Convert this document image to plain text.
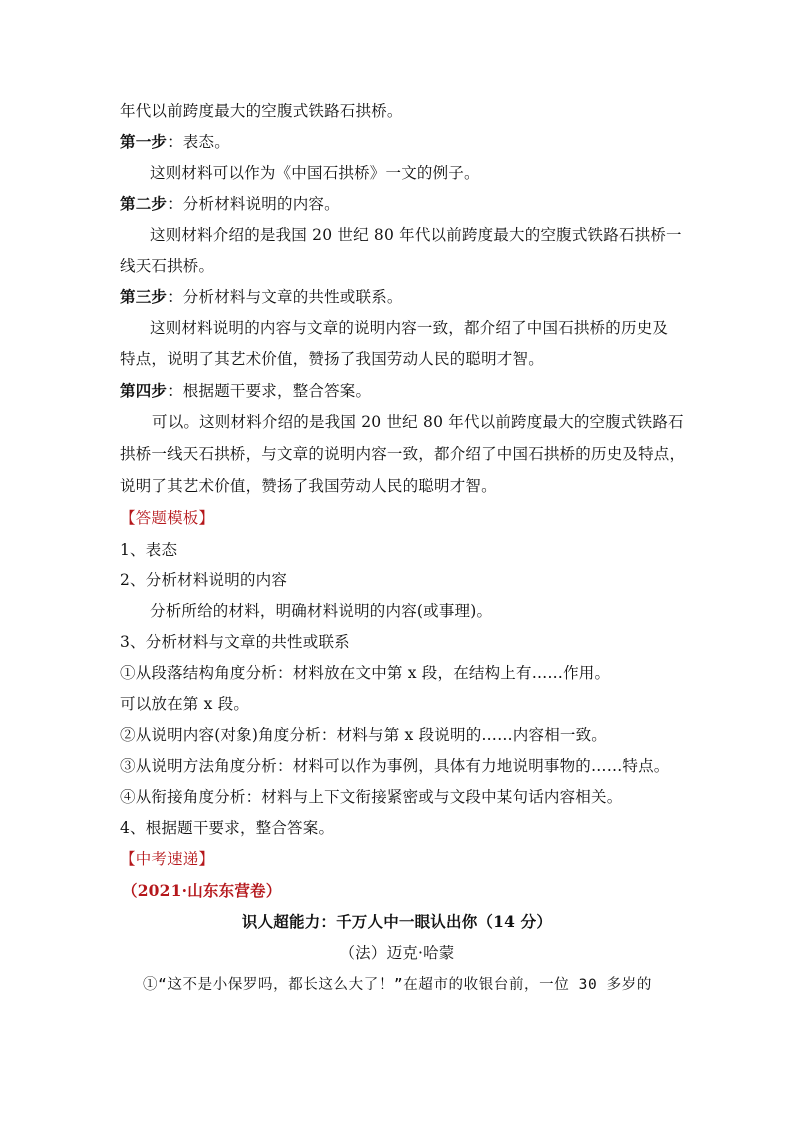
年代以前跨度最大的空腹式铁路石拱桥。
第一步：表态。
这则材料可以作为《中国石拱桥》一文的例子。
第二步：分析材料说明的内容。
这则材料介绍的是我国 20 世纪 80 年代以前跨度最大的空腹式铁路石拱桥一
线天石拱桥。
第三步：分析材料与文章的共性或联系。
这则材料说明的内容与文章的说明内容一致，都介绍了中国石拱桥的历史及
特点，说明了其艺术价值，赞扬了我国劳动人民的聪明才智。
第四步：根据题干要求，整合答案。
可以。这则材料介绍的是我国 20 世纪 80 年代以前跨度最大的空腹式铁路石
拱桥一线天石拱桥，与文章的说明内容一致，都介绍了中国石拱桥的历史及特点，
说明了其艺术价值，赞扬了我国劳动人民的聪明才智。
【答题模板】
1、表态
2、分析材料说明的内容
分析所给的材料，明确材料说明的内容(或事理)。
3、分析材料与文章的共性或联系
①从段落结构角度分析：材料放在文中第 x 段，在结构上有……作用。
可以放在第 x 段。
②从说明内容(对象)角度分析：材料与第 x 段说明的……内容相一致。
③从说明方法角度分析：材料可以作为事例，具体有力地说明事物的……特点。
④从衔接角度分析：材料与上下文衔接紧密或与文段中某句话内容相关。
4、根据题干要求，整合答案。
【中考速递】
（2021·山东东营卷）
识人超能力：千万人中一眼认出你（14 分）
（法）迈克·哈蒙
①“这不是小保罗吗，都长这么大了！”在超市的收银台前，一位 30 多岁的
